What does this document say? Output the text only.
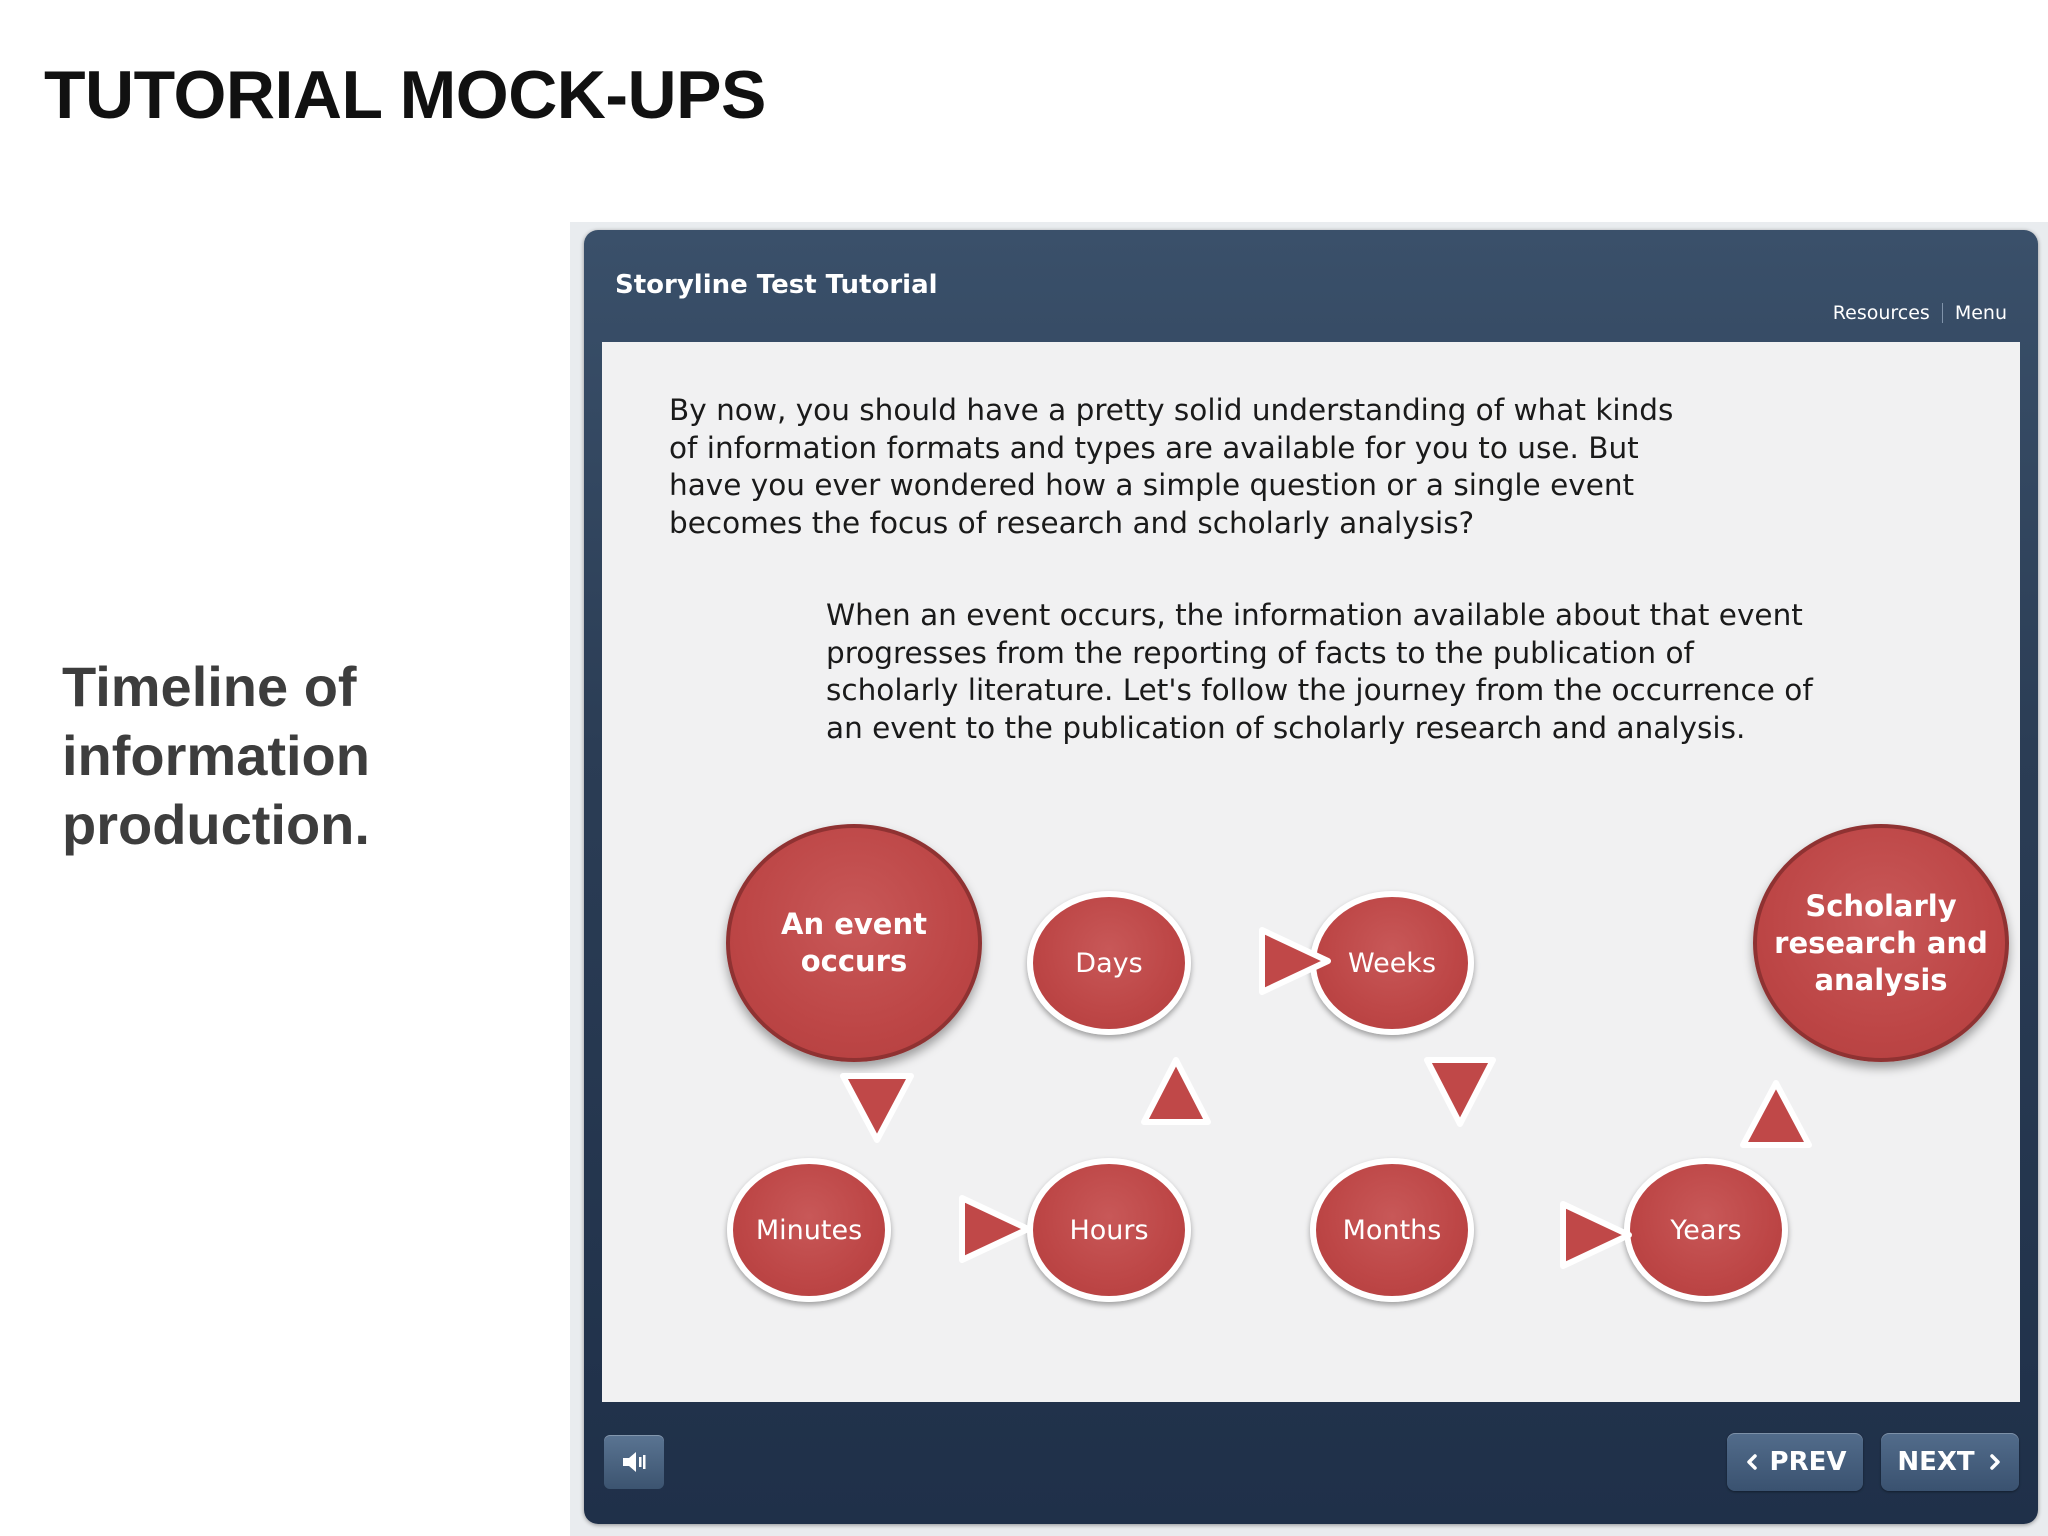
TUTORIAL MOCK-UPS
Timeline of
information
production.
Storyline Test Tutorial
Resources Menu
By now, you should have a pretty solid understanding of what kinds
of information formats and types are available for you to use. But
have you ever wondered how a simple question or a single event
becomes the focus of research and scholarly analysis?
When an event occurs, the information available about that event
progresses from the reporting of facts to the publication of
scholarly literature. Let's follow the journey from the occurrence of
an event to the publication of scholarly research and analysis.
An event
occurs	Days	Weeks
Scholarly
research and
analysis
Minutes	Hours	Months	Years
PREV NEXT
